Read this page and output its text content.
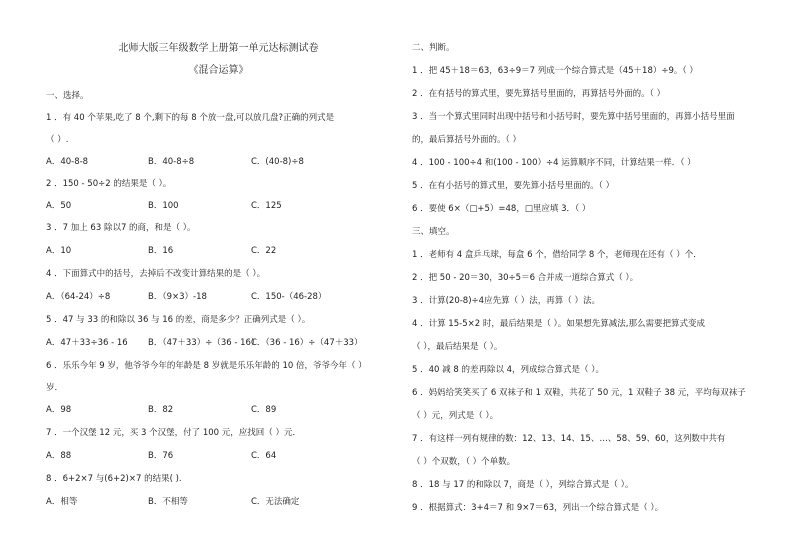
北师大版三年级数学上册第一单元达标测试卷
《混合运算》
一、选择。
1 ．有 40 个苹果,吃了 8 个,剩下的每 8 个放一盘,可以放几盘?正确的列式是
（ ）.
A．40-8-8	B．40-8÷8	C．(40-8)÷8
2 ．150 - 50÷2 的结果是（ ）。
A．50	B．100	C．125
3 ．7 加上 63 除以7 的商，和是（ ）。
A．10	B．16	C．22
4 ．下面算式中的括号，去掉后不改变计算结果的是（ ）。
A．（64-24）÷8	B．（9×3）-18	C．150-（46-28）
5 ．47 与 33 的和除以 36 与 16 的差，商是多少？正确列式是（ ）。
A．47＋33÷36 - 16 B．（47＋33）÷（36 - 16）
C．（36 - 16）÷（47＋33）
6 ．乐乐今年 9 岁，他爷爷今年的年龄是 8 岁就是乐乐年龄的 10 倍，爷爷今年（ ）
岁．
A．98	B．82	C．89
7 ．一个汉堡 12 元，买 3 个汉堡，付了 100 元，应找回（ ）元．
A．88	B．76	C．64
8 ．6+2×7 与(6+2)×7 的结果( ).
A．相等	B．不相等	C．无法确定
二、判断。
1 ．把 45＋18＝63，63÷9＝7 列成一个综合算式是（45＋18）÷9。（ ）
2 ．在有括号的算式里，要先算括号里面的，再算括号外面的。（ ）
3 ．当一个算式里同时出现中括号和小括号时，要先算中括号里面的，再算小括号里面
的，最后算括号外面的。（ ）
4 ．100 - 100÷4 和(100 - 100）÷4 运算顺序不同，计算结果一样．（ ）
5 ．在有小括号的算式里，要先算小括号里面的。（ ）
6 ．要使 6×（□+5）=48，□里应填 3．（ ）
三、填空。
1 ．老师有 4 盒乒乓球，每盒 6 个，借给同学 8 个，老师现在还有（ ）个．
2 ．把 50 - 20＝30，30÷5＝6 合并成一道综合算式（ ）。
3 ．计算(20-8)÷4应先算（ ）法，再算（ ）法。
4 ．计算 15-5×2 时，最后结果是（ ）。如果想先算减法,那么需要把算式变成
（ ），最后结果是（ ）。
5 ．40 减 8 的差再除以 4，列成综合算式是（ ）。
6 ．妈妈给笑笑买了 6 双袜子和 1 双鞋，共花了 50 元，1 双鞋子 38 元，平均每双袜子
（ ）元，列式是（ ）。
7 ．有这样一列有规律的数：12、13、14、15、…、58、59、60，这列数中共有
（ ）个双数，（ ）个单数。
8 ．18 与 17 的和除以 7，商是（ ），列综合算式是（ ）。
9 ．根据算式：3+4＝7 和 9×7＝63，列出一个综合算式是（ ）。
